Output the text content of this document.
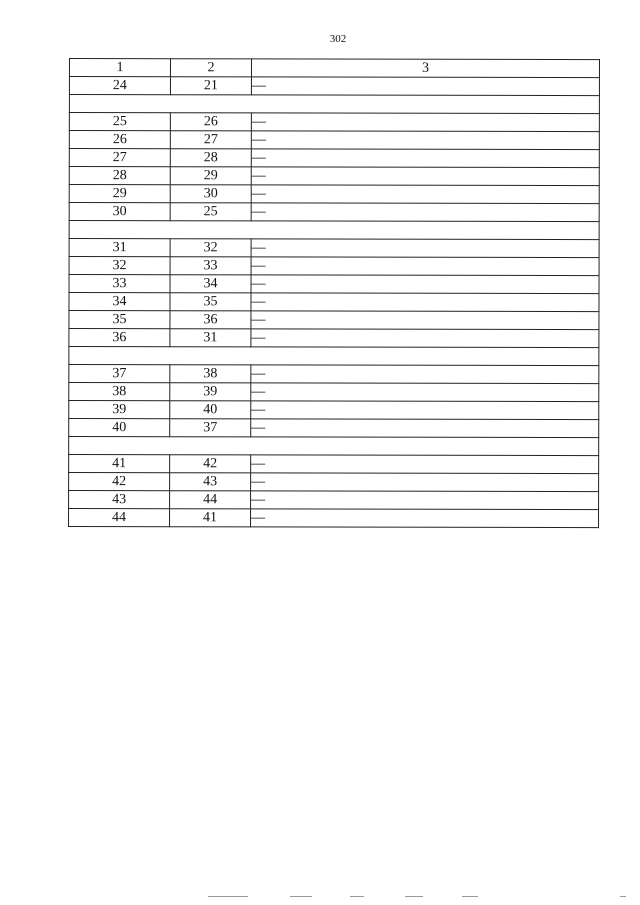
302
1	2	3
24	21	—

25	26	—
26	27	—
27	28	—
28	29	—
29	30	—
30	25	—

31	32	—
32	33	—
33	34	—
34	35	—
35	36	—
36	31	—

37	38	—
38	39	—
39	40	—
40	37	—

41	42	—
42	43	—
43	44	—
44	41	—
